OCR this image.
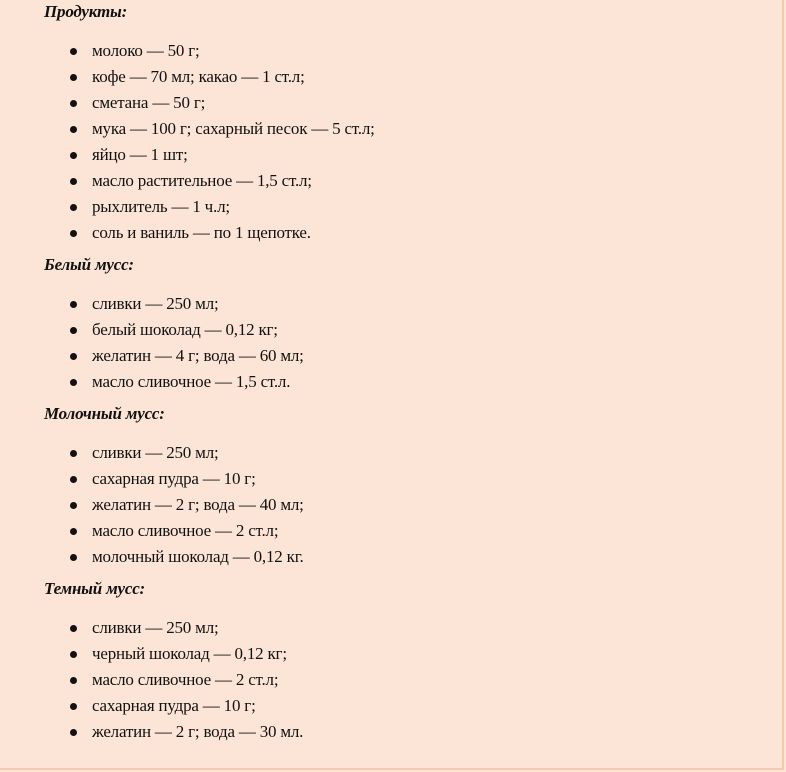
Продукты:
молоко — 50 г;
кофе — 70 мл; какао — 1 ст.л;
сметана — 50 г;
мука — 100 г; сахарный песок — 5 ст.л;
яйцо — 1 шт;
масло растительное — 1,5 ст.л;
рыхлитель — 1 ч.л;
соль и ваниль — по 1 щепотке.
Белый мусс:
сливки — 250 мл;
белый шоколад — 0,12 кг;
желатин — 4 г; вода — 60 мл;
масло сливочное — 1,5 ст.л.
Молочный мусс:
сливки — 250 мл;
сахарная пудра — 10 г;
желатин — 2 г; вода — 40 мл;
масло сливочное — 2 ст.л;
молочный шоколад — 0,12 кг.
Темный мусс:
сливки — 250 мл;
черный шоколад — 0,12 кг;
масло сливочное — 2 ст.л;
сахарная пудра — 10 г;
желатин — 2 г; вода — 30 мл.
